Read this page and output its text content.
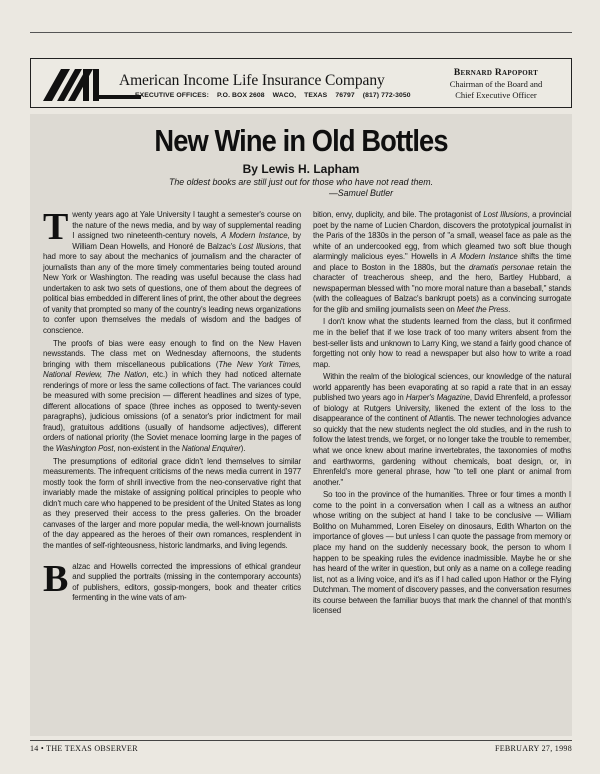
American Income Life Insurance Company
EXECUTIVE OFFICES: P.O. BOX 2608 WACO, TEXAS 76797 (817) 772-3050
Bernard Rapoport
Chairman of the Board and
Chief Executive Officer
New Wine in Old Bottles
By Lewis H. Lapham
The oldest books are still just out for those who have not read them.
—Samuel Butler

Twenty years ago at Yale University I taught a semester's course on the nature of the news media, and by way of supplemental reading I assigned two nineteenth-century novels, A Modern Instance, by William Dean Howells, and Honoré de Balzac's Lost Illusions, that had more to say about the mechanics of journalism and the character of journalists than any of the more timely commentaries being touted around New York or Washington. The reading was useful because the class had undertaken to ask two sets of questions, one of them about the degrees of political bias embedded in different lines of print, the other about the degrees of vanity that prompted so many of the country's leading news organizations to confer upon themselves the medals of wisdom and the badges of conscience.

The proofs of bias were easy enough to find on the New Haven newsstands. The class met on Wednesday afternoons, the students bringing with them miscellaneous publications (The New York Times, National Review, The Nation, etc.) in which they had noticed alternate renderings of more or less the same collections of fact. The variances could be measured with some precision — different headlines and sizes of type, different allocations of space (three inches as opposed to twenty-seven paragraphs), judicious omissions (of a senator's prior indictment for mail fraud), gratuitous additions (usually of handsome adjectives), different orders of national priority (the Soviet menace looming large in the pages of the Washington Post, non-existent in the National Enquirer).

The presumptions of editorial grace didn't lend themselves to similar measurements. The infrequent criticisms of the news media current in 1977 mostly took the form of shrill invective from the neo-conservative right that invariably made the mistake of assigning political principles to people who didn't much care who happened to be president of the United States as long as they preserved their access to the press galleries. On the broader canvases of the larger and more popular media, the well-known journalists of the day appeared as the heroes of their own romances, resplendent in the mantles of self-righteousness, historic landmarks, and living legends.

Balzac and Howells corrected the impressions of ethical grandeur and supplied the portraits (missing in the contemporary accounts) of publishers, editors, gossip-mongers, book and theater critics fermenting in the wine vats of am-

bition, envy, duplicity, and bile. The protagonist of Lost Illusions, a provincial poet by the name of Lucien Chardon, discovers the prototypical journalist in the Paris of the 1830s in the person of "a small, weasel face as pale as the white of an undercooked egg, from which gleamed two soft blue though alarmingly malicious eyes." Howells in A Modern Instance shifts the time and place to Boston in the 1880s, but the dramatis personae retain the character of treacherous sheep, and the hero, Bartley Hubbard, a newspaperman blessed with "no more moral nature than a baseball," stands (with the colleagues of Balzac's bankrupt poets) as a convincing surrogate for the glib and smiling journalists seen on Meet the Press.

I don't know what the students learned from the class, but it confirmed me in the belief that if we lose track of too many writers absent from the best-seller lists and unknown to Larry King, we stand a fairly good chance of forgetting not only how to read a newspaper but also how to write a road map.

Within the realm of the biological sciences, our knowledge of the natural world apparently has been evaporating at so rapid a rate that in an essay published two years ago in Harper's Magazine, David Ehrenfeld, a professor of biology at Rutgers University, likened the extent of the loss to the disappearance of the continent of Atlantis. The newer technologies advance so quickly that the new students neglect the old studies, and in the rush to follow the latest trends, we forget, or no longer take the trouble to remember, what we once knew about marine invertebrates, the taxonomies of moths and earthworms, gardening without chemicals, boat design, or, in Ehrenfeld's more general phrase, how "to tell one plant or animal from another."

So too in the province of the humanities. Three or four times a month I come to the point in a conversation when I call as a witness an author whose writing on the subject at hand I take to be conclusive — William Bolitho on Muhammed, Loren Eiseley on dinosaurs, Edith Wharton on the importance of gloves — but unless I can quote the passage from memory or place my hand on the suddenly necessary book, the person to whom I happen to be speaking rules the evidence inadmissible. Maybe he or she has heard of the writer in question, but only as a name on a college reading list, not as a living voice, and it's as if I had called upon Hathor or the Flying Dutchman. The moment of discovery passes, and the conversation resumes its course between the familiar buoys that mark the channel of that month's licensed

14 • THE TEXAS OBSERVER	FEBRUARY 27, 1998
